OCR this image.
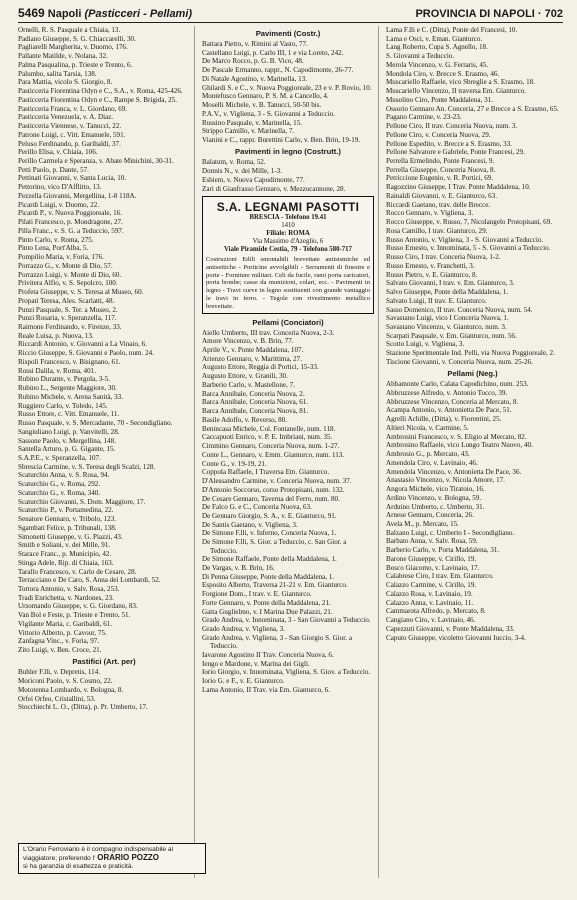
5469 Napoli (Pasticceri - Pellami)	PROVINCIA DI NAPOLI · 702
Ornelli, R. S. Pasquale a Chiaia, 13.
Padiano Giuseppe, S. G. Chiaccarelli, 30.
Pagliarelli Margherita, v. Duomo, 176.
Pallante Matilde, v. Nolana, 32.
Palma Pasqualina, p. Trieste e Trento, 6.
Palumbo, salita Tarsia, 138.
Para Mattia, vicolo S. Giorgio, 8.
Pasticceria Fiorentina Odyn e C., S.A., v. Roma, 425-426.
Pasticceria Fiorentina Odyn e C., Rampe S. Brigida, 25.
Pasticceria Franca, v. L. Giordano, 69.
Pasticceria Venezuela, v. A. Diaz.
Pasticceria Viennese, v. Tanucci, 22.
Patrone Luigi, c. Vitt. Emanuele, 591.
Peluso Ferdinando, p. Garibaldi, 37.
Perillo Elisa, v. Chiaia, 106.
Perillo Carmela e Speranza, v. Abate Minichini, 30-31.
Petti Paolo, p. Dante, 57.
Pettinati Giovanni, v. Santa Lucia, 10.
Pettorino, vico D'Afflitto, 13.
Pezzella Giovanni, Mergellina, 1-8 118A.
Picardi Luigi, v. Duomo, 22.
Picardi P., v. Nuova Poggioreale, 16.
Pilati Francesco, p. Mondragone, 27.
Pilla Franc., v. S. G. a Teduccio, 597.
Pinto Carlo, v. Roma, 275.
Pinto Lena, Port'Alba, 5.
Pompilio Maria, v. Foria, 176.
Porrazzo G., v. Monte di Dio, 57.
Porrazzo Luigi, v. Monte di Dio, 60.
Privitera Alfio, v. S. Sepolcro, 100.
Profeta Giuseppe, v. S. Teresa al Museo, 60.
Propati Teresa, Ales. Scarlatti, 48.
Punzi Pasquale, S. Ter. a Museo, 2.
Punzi Rosaria, v. Speranzella, 117.
Raimone Ferdinando, v. Firenze, 33.
Reale Luisa, p. Nuova, 13.
Riccardi Antonio, v. Giovanni a La Vinaio, 6.
Riccio Giuseppe, S. Giovanni e Paolo, num. 24.
Rispoli Francesco, v. Bisignano, 61.
Rossi Dalila, v. Roma, 401.
Rubino Durante, v. Pergola, 3-5.
Rubino L., Sergente Maggiore, 30.
Rubino Michele, v. Arena Sanità, 33.
Ruggiero Carlo, v. Toledo, 145.
Russo Ettore, c. Vitt. Emanuele, 11.
Russo Pasquale, v. S. Mercadante, 70 - Secondigliano.
Sangiuliano Luigi, p. Vanvitelli, 28.
Sassone Paolo, v. Mergellina, 148.
Santella Arturo, p. G. Gigante, 15.
S.A.P.E., v. Speranzella, 107.
Sbrescia Carmine, v. S. Teresa degli Scalzi, 128.
Scaturchio Anna, v. S. Rosa, 94.
Scaturchio G., v. Roma, 292.
Scaturchio G., v. Roma, 340.
Scaturchio Giovanni, S. Dom. Maggiore, 17.
Scaturchio P., v. Portamedina, 22.
Senatore Gennaro, v. Tribolo, 123.
Sgambati Felice, p. Tribunali, 138.
Simonetti Giuseppe, v. G. Piazzi, 43.
Smith e Soliani, v. dei Mille, 91.
Starace Franc., p. Municipio, 42.
Stinga Adele, Rip. di Chiaia, 163.
Tarallo Francesco, v. Carlo de Cesare, 28.
Terracciano e De Caro, S. Anna dei Lombardi, 52.
Tortora Antonio, v. Salv. Rosa, 253.
Tradi Enrichetta, v. Nardones, 23.
Ursomando Giuseppe, v. G. Giordano, 83.
Van Bol e Feste, p. Trieste e Trento, 51.
Vigilante Maria, c. Garibaldi, 61.
Vittorio Alberto, p. Cavour, 75.
Zanfagna Vinc., v. Foria, 97.
Zito Luigi, v. Ben. Croce, 21.
Pastifici (Art. per)
Buhler F.lli, v. Depretis, 114.
Moriconi Paolo, v. S. Cosmo, 22.
Mototenna Lombardo, v. Bologna, 8.
Orfei Orfeo, Cristallini, 53.
Stocchiecht L. O., (Ditta), p. Pr. Umberto, 17.
Pavimenti (Costr.)
Battara Pietro, v. Rimini al Vasto, 77.
Castellano Luigi, p. Carlo III, 1 e via Loreto, 242.
De Marco Rocco, p. G. B. Vico, 48.
De Pascale Ermanno, rappr., N. Capodimonte, 26-77.
Di Natale Agostino, v. Marinella, 13.
Ghilardi S. e C., v. Nuova Poggioreale, 23 e v. P. Rovio, 10.
Montefusco Gennaro, P. S. M. a Cancello, 4.
Moselli Michele, v. B. Tanucci, 50-50 bis.
P.A.V., v. Vigliena, 3 - S. Giovanni a Teduccio.
Russino Pasquale, v. Marinella, 15.
Strippo Camillo, v. Marinella, 7.
Vianini e C., rappr. Burettini Carlo, v. Ben. Brin, 19-19.
Pavimenti in legno (Costrutt.)
Balatum, v. Roma, 52.
Donnis N., v. dei Mille, 1-3.
Esbiem, v. Nuova Capodimonte, 77.
Zari di Gianfrasso Gennaro, v. Mezzocannone, 28.
S.A. LEGNAMI PASOTTI
BRESCIA - Telefono 19.41
1410
Filiale: ROMA
Via Massimo d'Azeglio, 6
Viale Piramide Cestia, 79 - Telefono 580-717
Costruzioni Edili smontabili brevettate antisismiche ed antisettiche - Porticine avvolgibili - Serramenti di finestre e porte - Forniture militari. Celi da fucile, rami porta caricatori, porta bombe; casse da munizioni, colari, ecc. - Pavimenti in legno - Travi curve in legno sostituenti con grande vantaggio le travi in ferro. - Tegole con rivestimento metallico brevettate.
Pellami (Conciatori)
Aiello Umberto, III trav. Conceria Nuova, 2-3.
Amore Vincenzo, v. B. Brin, 77.
Aprile V., v. Ponte Maddalena, 107.
Arienzo Gennaro, v. Marittima, 27.
Augusto Ettore, Reggia di Portici, 15-33.
Augusto Ettore, v. Granili, 30.
Barberio Carlo, v. Mastellone, 7.
Barca Annibale, Conceria Nuova, 2.
Barca Annibale, Conceria Nuova, 61.
Barca Annibale, Conceria Nuova, 81.
Basile Adolfo, v. Reverso, 80.
Benincasa Michele, Col. Fontanelle, num. 118.
Caccapuoti Enrico, v. P. E. Imbriani, num. 35.
Cimmino Gennaro, Conceria Nuova, num. 1-27.
Conte L., Gennaro, v. Emm. Gianturco, num. 113.
Conte G., v. 19-19, 21.
Coppola Raffaele, I Traversa Em. Gianturco.
D'Alessandro Carmine, v. Conceria Nuova, num. 37.
D'Antonio Soccorso, corso Protopisani, num. 132.
De Cesare Gennaro, Taverna del Ferro, num. 80.
De Falco G. e C., Conceria Nuova, 63.
De Gennaro Giorgio, S. A., v. E. Gianturco, 91.
De Santis Gaetano, v. Vigliena, 3.
De Simone F.lli, v. Inferno, Conceria Nuova, 1.
De Simone F.lli, S. Gior. a Teduccio, c. San Gior. a Teduccio.
De Simone Raffaele, Ponte della Maddalena, 1.
De Vargas, v. B. Brin, 16.
Di Penna Giuseppe, Ponte della Maddalena, 1.
Esposito Alberto, Traversa 21-21 v. Em. Gianturco.
Forgione Dom., I trav. v. E. Gianturco.
Forte Gennaro, v. Ponte della Maddalena, 21.
Gatta Guglielmo, v. I Marina Due Palazzi, 21.
Grado Andrea, v. Innominata, 3 - San Giovanni a Teduccio.
Grado Andrea, v. Vigliena, 3.
Grado Andrea, v. Vigliena, 3 - San Giorgio S. Gior. a Teduccio.
Iavarone Agostino II Trav. Conceria Nuova, 6.
Iengo e Mardone, v. Marina dei Gigli.
Iorio Giorgio, v. Innominata, Vigliena, S. Giov. a Teduccio.
Iorio G. e F., v. E. Gianturco.
Lama Antonio, II Trav. via Em. Gianturco, 6.
Lama F.lli e C. (Ditta), Ponte del Francesi, 10.
Lama e Osci, v. Eman. Gianturco.
Lang Roberto, Cupa S. Agnello, 18.
S. Giovanni a Teduccio.
Merola Vincenzo, v. G. Ferraris, 45.
Mondola Ciro, v. Brecce S. Erasmo, 46.
Muscariello Raffaele, vico Sbreglie a S. Erasmo, 18.
Muscariello Vincenzo, II traversa Em. Gianturco.
Musolino Ciro, Ponte Maddalena, 31.
Ossorio Gennaro An. Conceria, 27 e Brecce a S. Erasmo, 65.
Pagano Carmine, v. 23-23.
Pellone Ciro, II trav. Conceria Nuova, num. 3.
Pellone Ciro, v. Conceria Nuova, 29.
Pellone Espedito, v. Brecce a S. Erasmo, 33.
Pellone Salvatore e Gabriele, Ponte Francesi, 29.
Perrella Ermelindo, Ponte Francesi, 9.
Perrella Giuseppe, Conceria Nuova, 8.
Petriccione Eugenio, v. R. Portici, 69.
Ragozzino Giuseppe, I Trav. Ponte Maddalena, 10.
Rainaldi Giovanni, v. E. Gianturco, 63.
Riccardi Gaetano, trav. delle Brecce.
Rocco Gennaro, v. Vigliena, 3.
Rocco Giuseppe, v. Russo, 7, Nicolangelo Protopisani, 69.
Rosa Camillo, I trav. Gianturco, 29.
Russo Antonio, v. Vigliena, 3 - S. Giovanni a Teduccio.
Russo Ernesto, v. Innominata, 5 - S. Giovanni a Teduccio.
Russo Ciro, I trav. Conceria Nuova, 1-2.
Russo Ernesto, v. Franchetti, 3.
Russo Pietro, v. E. Gianturco, 8.
Salvato Giovanni, I trav. v. Em. Gianturco, 3.
Salvo Giuseppe, Ponte della Maddalena, 1.
Salvato Luigi, II trav. E. Gianturco.
Sasso Domenico, II trav. Conceria Nuova, num. 54.
Savastano Luigi, vico I Conceria Nuova, 1.
Savastano Vincenzo, v. Gianturco, num. 3.
Scarpati Pasquale, v. Em. Gianturco, num. 56.
Scotto Luigi, v. Vigliena, 3.
Stazione Sperimentale Ind. Pelli, via Nuova Poggioreale, 2.
Tiscione Giovanni, v. Conceria Nuova, num. 25-26.
Pellami (Neg.)
Abbamonte Carlo, Calata Capodichino, num. 253.
Abbruzzese Alfredo, v. Antonio Tocco, 39.
Abbruzzese Vincenzo, Conceria al Mercato, 8.
Acampa Antonio, v. Antonietta De Pace, 51.
Agrelli Achille, (Ditta), v. Fiorentini, 25.
Altieri Nicola, v. Carmine, 5.
Ambrosini Francesco, v. S. Eligio al Mercato, 82.
Ambrosino Raffaele, vico Lungo Teatro Nuovo, 40.
Ambrosio G., p. Mercato, 43.
Amendola Ciro, v. Lavinaio, 46.
Amendola Vincenzo, v. Antonietta De Pace, 36.
Anastasio Vincenzo, v. Nicola Amore, 17.
Angora Michele, vico Tiratoio, 16.
Ardino Vincenzo, v. Bologna, 59.
Arduino Umberto, c. Umberto, 31.
Arnese Gennaro, Conceria, 26.
Avela M., p. Mercato, 15.
Balzano Luigi, c. Umberto I - Secondigliano.
Barbato Anna, v. Salv. Rosa, 59.
Barberio Carlo, v. Porta Maddalena, 31.
Barone Giuseppe, v. Cirillo, 19.
Bosco Giacomo, v. Lavinaio, 17.
Calabrese Ciro, I trav. Em. Gianturco.
Calazzo Carmine, v. Cirillo, 19.
Calazzo Rosa, v. Lavinaio, 19.
Calazzo Anna, v. Lavinaio, 11.
Cammarota Alfredo, p. Mercato, 8.
Cangiano Ciro, v. Lavinaio, 46.
Capezzuti Giovanni, v. Ponte Maddalena, 33.
Caputo Giuseppe, vicoletto Giovanni Iuccio, 3-4.
L'Orario Ferroviario è il compagno indispensabile al viaggiatore; preferendo l' ORARIO POZZO
si ha garanzia di esattezza e praticità.
